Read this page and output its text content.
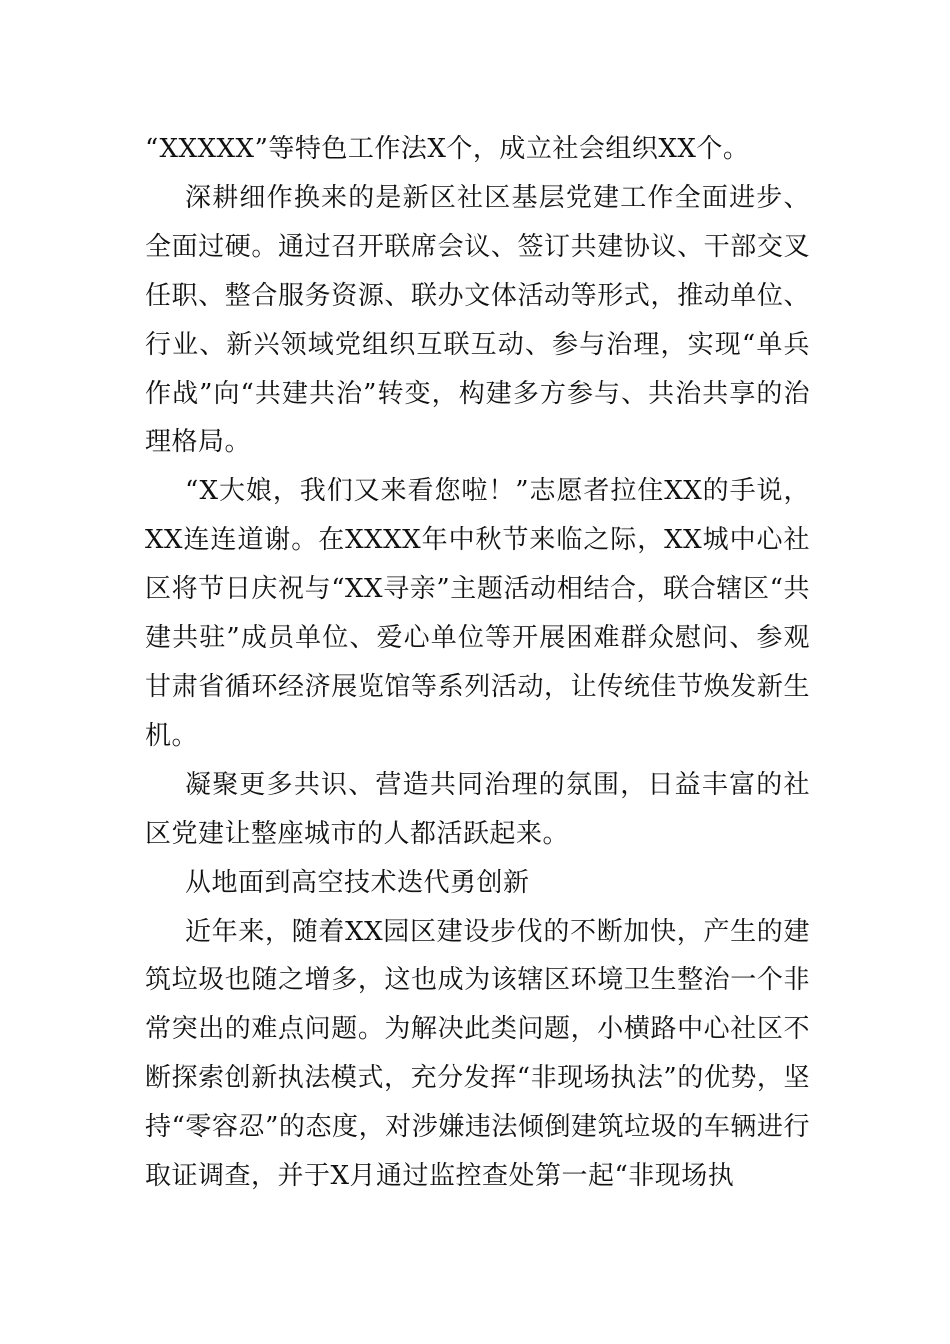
“XXXXX”等特色工作法X个，成立社会组织XX个。

深耕细作换来的是新区社区基层党建工作全面进步、全面过硬。通过召开联席会议、签订共建协议、干部交叉任职、整合服务资源、联办文体活动等形式，推动单位、行业、新兴领域党组织互联互动、参与治理，实现“单兵作战”向“共建共治”转变，构建多方参与、共治共享的治理格局。

“X大娘，我们又来看您啦！”志愿者拉住XX的手说，XX连连道谢。在XXXX年中秋节来临之际，XX城中心社区将节日庆祝与“XX寻亲”主题活动相结合，联合辖区“共建共驻”成员单位、爱心单位等开展困难群众慰问、参观甘肃省循环经济展览馆等系列活动，让传统佳节焕发新生机。

凝聚更多共识、营造共同治理的氛围，日益丰富的社区党建让整座城市的人都活跃起来。

从地面到高空技术迭代勇创新

近年来，随着XX园区建设步伐的不断加快，产生的建筑垃圾也随之增多，这也成为该辖区环境卫生整治一个非常突出的难点问题。为解决此类问题，小横路中心社区不断探索创新执法模式，充分发挥“非现场执法”的优势，坚持“零容忍”的态度，对涉嫌违法倾倒建筑垃圾的车辆进行取证调查，并于X月通过监控查处第一起“非现场执
